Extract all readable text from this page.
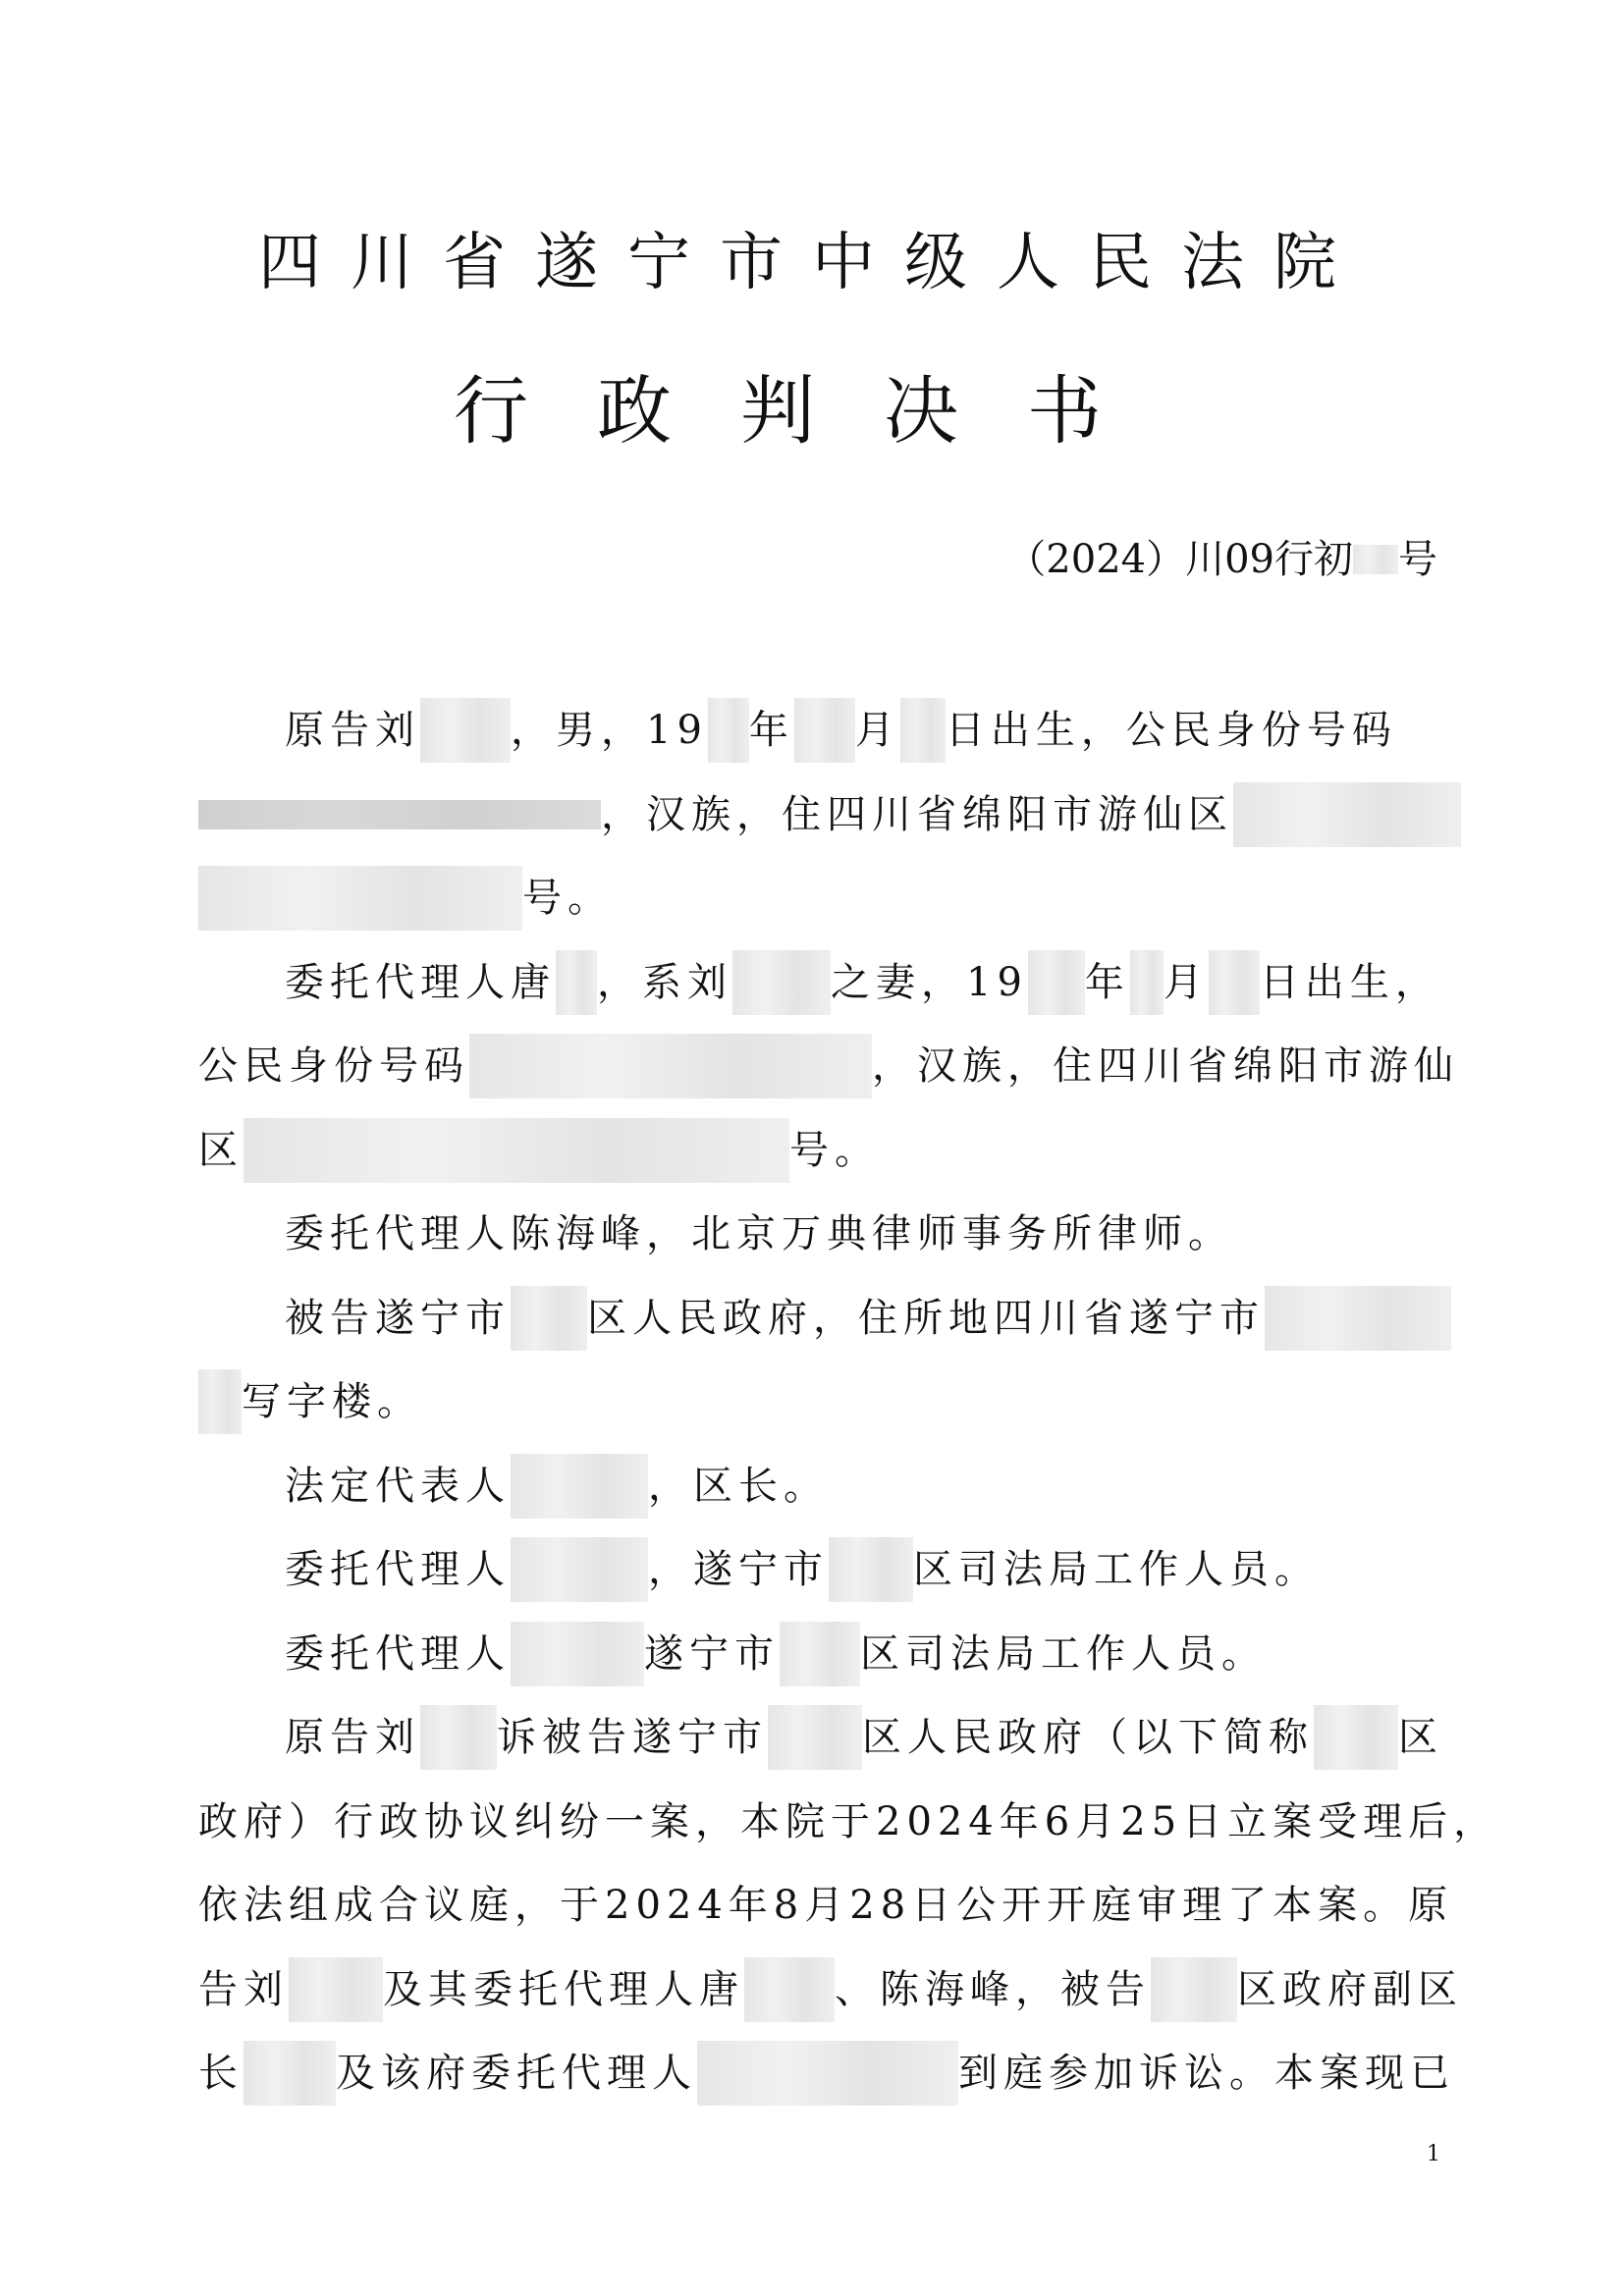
四川省遂宁市中级人民法院
行政判决书
（2024）川09行初 号
原告刘 ，男，19 年 月 日出生，公民身份号码
，汉族，住四川省绵阳市游仙区
号。
委托代理人唐 ，系刘	之妻，19 年 月 日出生，
公民身份号码	，汉族，住四川省绵阳市游仙
区	号。
委托代理人陈海峰，北京万典律师事务所律师。
被告遂宁市 区人民政府，住所地四川省遂宁市
写字楼。
法定代表人	，区长。
委托代理人	，遂宁市 区司法局工作人员。
委托代理人	遂宁市 区司法局工作人员。
原告刘 诉被告遂宁市 区人民政府（以下简称 区
政府）行政协议纠纷一案，本院于2024年6月25日立案受理后，
依法组成合议庭，于2024年8月28日公开开庭审理了本案。原
告刘 及其委托代理人唐 、陈海峰，被告 区政府副区
长 及该府委托代理人	到庭参加诉讼。本案现已
1
